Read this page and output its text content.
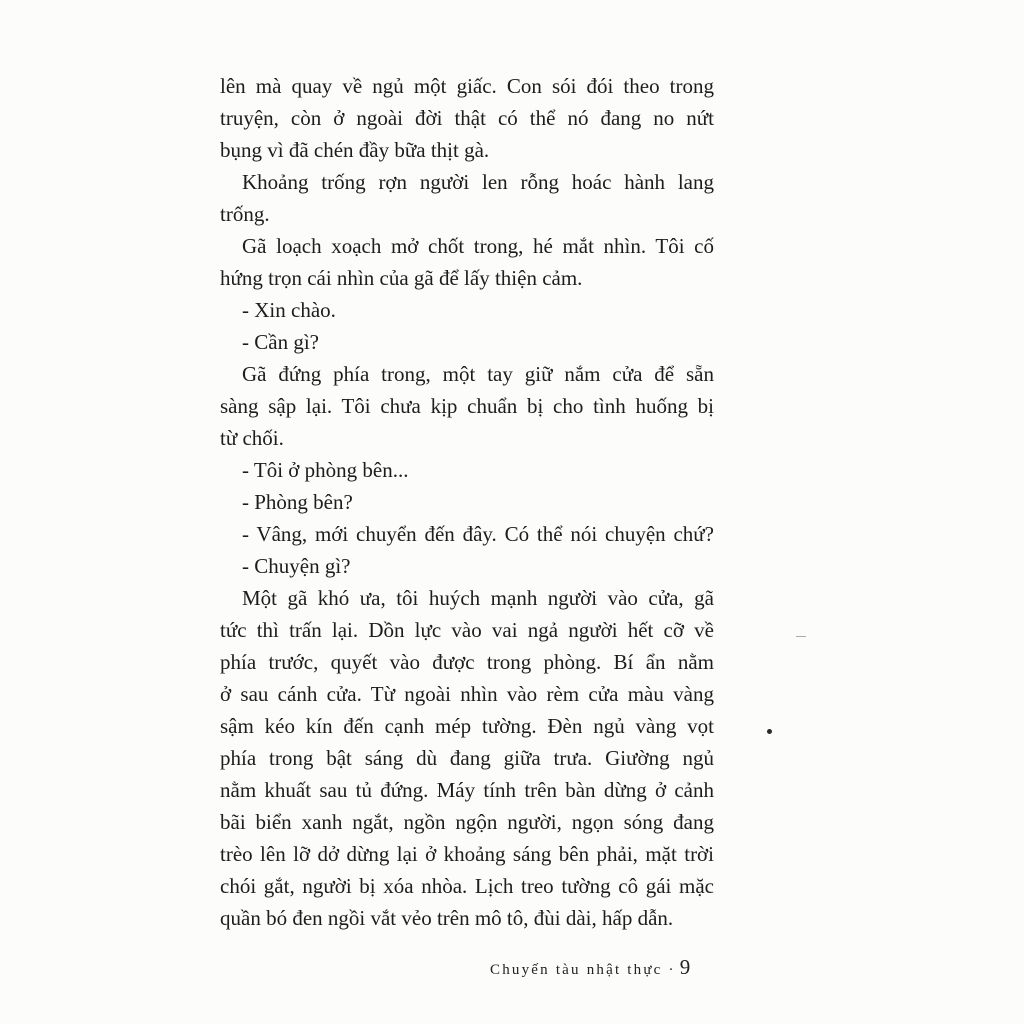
lên mà quay về ngủ một giấc. Con sói đói theo trong
truyện, còn ở ngoài đời thật có thể nó đang no nứt
bụng vì đã chén đầy bữa thịt gà.
Khoảng trống rợn người len rỗng hoác hành lang
trống.
Gã loạch xoạch mở chốt trong, hé mắt nhìn. Tôi cố
hứng trọn cái nhìn của gã để lấy thiện cảm.
- Xin chào.
- Cần gì?
Gã đứng phía trong, một tay giữ nắm cửa để sẵn
sàng sập lại. Tôi chưa kịp chuẩn bị cho tình huống bị
từ chối.
- Tôi ở phòng bên...
- Phòng bên?
- Vâng, mới chuyển đến đây. Có thể nói chuyện chứ?
- Chuyện gì?
Một gã khó ưa, tôi huých mạnh người vào cửa, gã
tức thì trấn lại. Dồn lực vào vai ngả người hết cỡ về
phía trước, quyết vào được trong phòng. Bí ẩn nằm
ở sau cánh cửa. Từ ngoài nhìn vào rèm cửa màu vàng
sậm kéo kín đến cạnh mép tường. Đèn ngủ vàng vọt
phía trong bật sáng dù đang giữa trưa. Giường ngủ
nằm khuất sau tủ đứng. Máy tính trên bàn dừng ở cảnh
bãi biển xanh ngắt, ngồn ngộn người, ngọn sóng đang
trèo lên lỡ dở dừng lại ở khoảng sáng bên phải, mặt trời
chói gắt, người bị xóa nhòa. Lịch treo tường cô gái mặc
quần bó đen ngồi vắt vẻo trên mô tô, đùi dài, hấp dẫn.
Chuyến tàu nhật thực · 9
